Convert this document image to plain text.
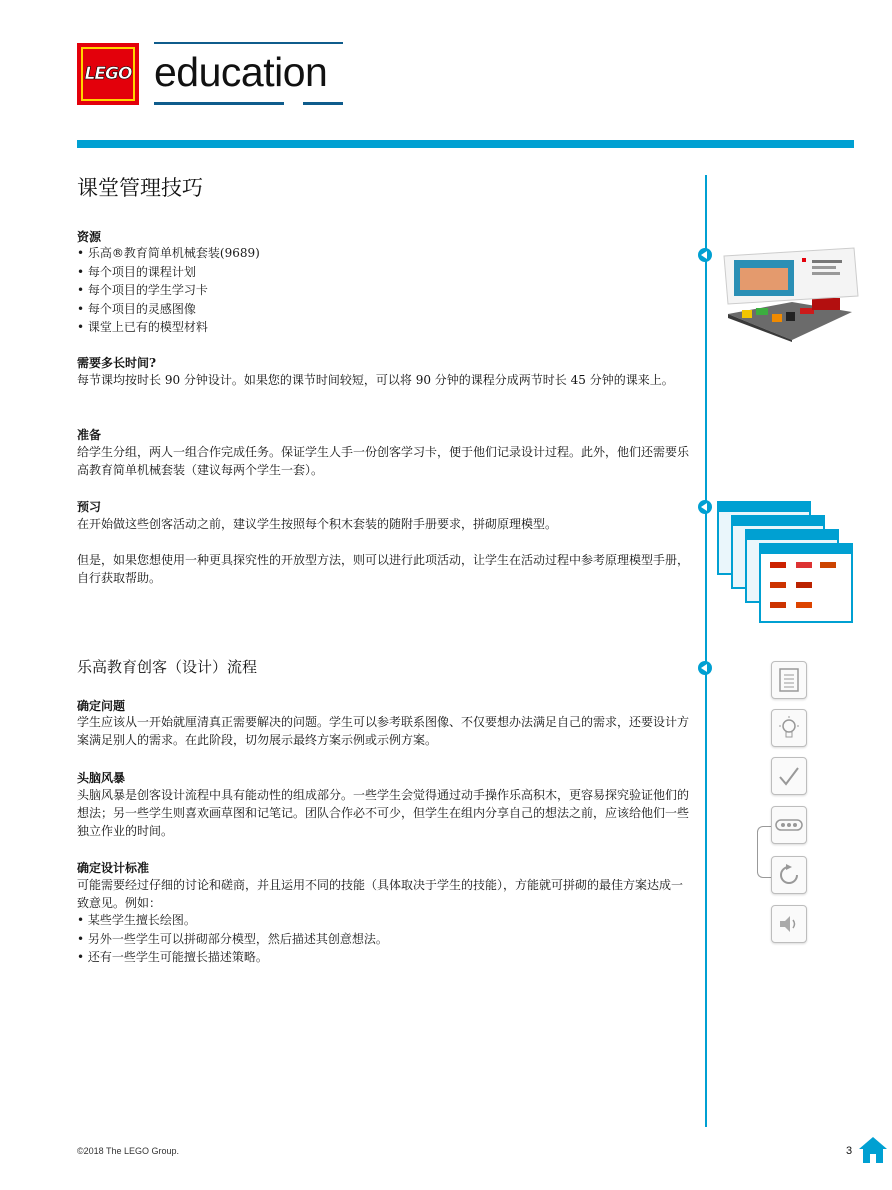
LEGO education
课堂管理技巧
资源
• 乐高®教育简单机械套装(9689)
• 每个项目的课程计划
• 每个项目的学生学习卡
• 每个项目的灵感图像
• 课堂上已有的模型材料
需要多长时间?

每节课均按时长 90 分钟设计。如果您的课节时间较短，可以将 90 分钟的课程分成两节时长 45 分钟的课来上。

准备

给学生分组，两人一组合作完成任务。保证学生人手一份创客学习卡，便于他们记录设计过程。此外，他们还需要乐高教育简单机械套装（建议每两个学生一套）。

预习

在开始做这些创客活动之前，建议学生按照每个积木套装的随附手册要求，拼砌原理模型。

但是，如果您想使用一种更具探究性的开放型方法，则可以进行此项活动，让学生在活动过程中参考原理模型手册，自行获取帮助。

乐高教育创客（设计）流程
确定问题

学生应该从一开始就厘清真正需要解决的问题。学生可以参考联系图像、不仅要想办法满足自己的需求，还要设计方案满足别人的需求。在此阶段，切勿展示最终方案示例或示例方案。

头脑风暴

头脑风暴是创客设计流程中具有能动性的组成部分。一些学生会觉得通过动手操作乐高积木，更容易探究验证他们的想法；另一些学生则喜欢画草图和记笔记。团队合作必不可少，但学生在组内分享自己的想法之前，应该给他们一些独立作业的时间。

确定设计标准

可能需要经过仔细的讨论和磋商，并且运用不同的技能（具体取决于学生的技能），方能就可拼砌的最佳方案达成一致意见。例如：

• 某些学生擅长绘图。
• 另外一些学生可以拼砌部分模型，然后描述其创意想法。
• 还有一些学生可能擅长描述策略。
©2018 The LEGO Group.	3
